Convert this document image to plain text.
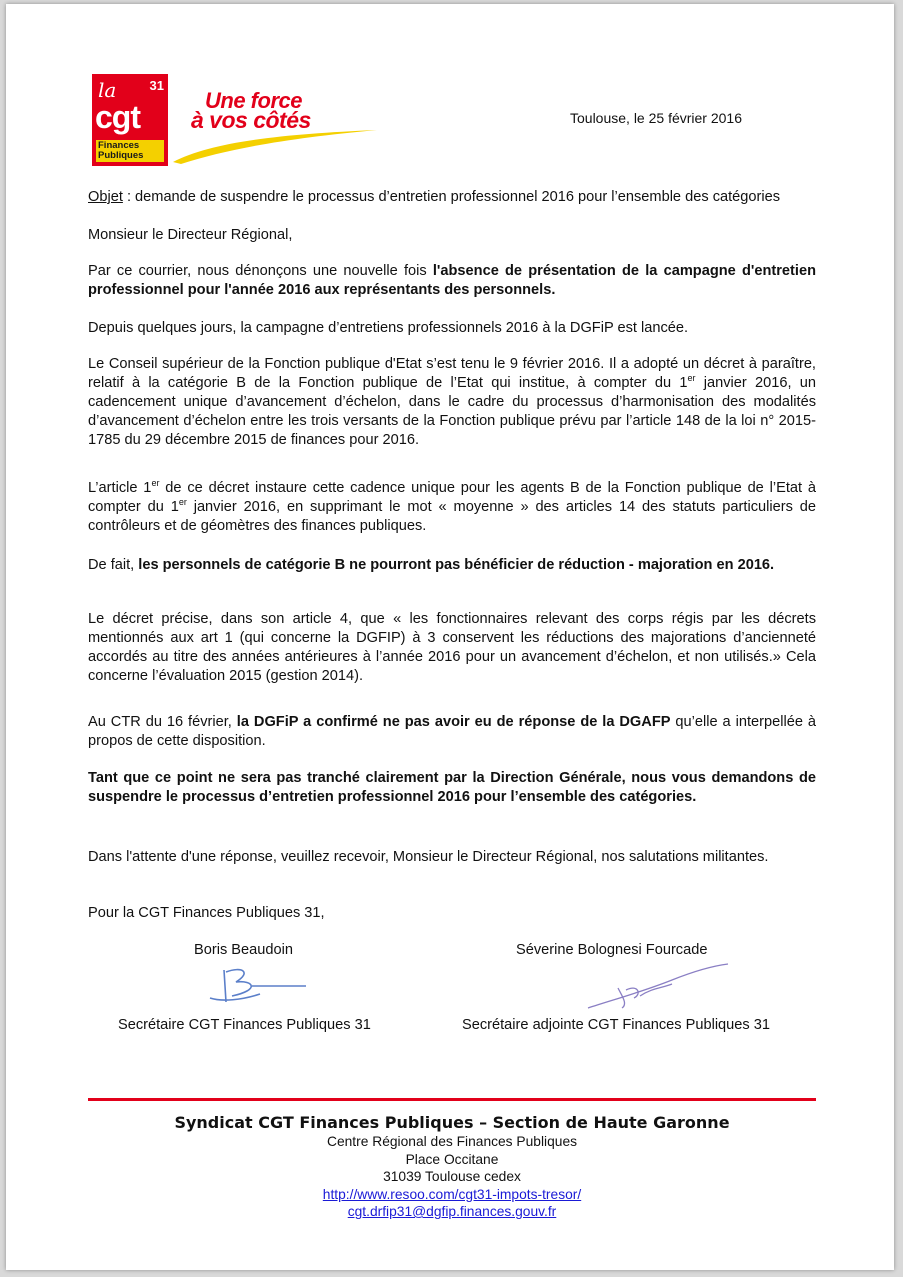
la	31
cgt
Finances Publiques
Une force
à vos côtés	Toulouse, le 25 février 2016

Objet : demande de suspendre le processus d’entretien professionnel 2016 pour l’ensemble des catégories

Monsieur le Directeur Régional,

Par ce courrier, nous dénonçons une nouvelle fois l'absence de présentation de la campagne d'entretien professionnel pour l'année 2016 aux représentants des personnels.

Depuis quelques jours, la campagne d’entretiens professionnels 2016 à la DGFiP est lancée.

Le Conseil supérieur de la Fonction publique d'Etat s’est tenu le 9 février 2016. Il a adopté un décret à paraître, relatif à la catégorie B de la Fonction publique de l’Etat qui institue, à compter du 1er janvier 2016, un cadencement unique d’avancement d’échelon, dans le cadre du processus d’harmonisation des modalités d’avancement d’échelon entre les trois versants de la Fonction publique prévu par l’article 148 de la loi n° 2015-1785 du 29 décembre 2015 de finances pour 2016.

L’article 1er de ce décret instaure cette cadence unique pour les agents B de la Fonction publique de l’Etat à compter du 1er janvier 2016, en supprimant le mot « moyenne » des articles 14 des statuts particuliers de contrôleurs et de géomètres des finances publiques.

De fait, les personnels de catégorie B ne pourront pas bénéficier de réduction - majoration en 2016.

Le décret précise, dans son article 4, que « les fonctionnaires relevant des corps régis par les décrets mentionnés aux art 1 (qui concerne la DGFIP) à 3 conservent les réductions des majorations d’ancienneté accordés au titre des années antérieures à l’année 2016 pour un avancement d’échelon, et non utilisés.» Cela concerne l’évaluation 2015 (gestion 2014).

Au CTR du 16 février, la DGFiP a confirmé ne pas avoir eu de réponse de la DGAFP qu’elle a interpellée à propos de cette disposition.

Tant que ce point ne sera pas tranché clairement par la Direction Générale, nous vous demandons de suspendre le processus d’entretien professionnel 2016 pour l’ensemble des catégories.

Dans l'attente d'une réponse, veuillez recevoir, Monsieur le Directeur Régional, nos salutations militantes.

Pour la CGT Finances Publiques 31,

Boris Beaudoin	Séverine Bolognesi Fourcade
Secrétaire CGT Finances Publiques 31	Secrétaire adjointe CGT Finances Publiques 31
Syndicat CGT Finances Publiques – Section de Haute Garonne
Centre Régional des Finances Publiques
Place Occitane
31039 Toulouse cedex
http://www.resoo.com/cgt31-impots-tresor/
cgt.drfip31@dgfip.finances.gouv.fr
